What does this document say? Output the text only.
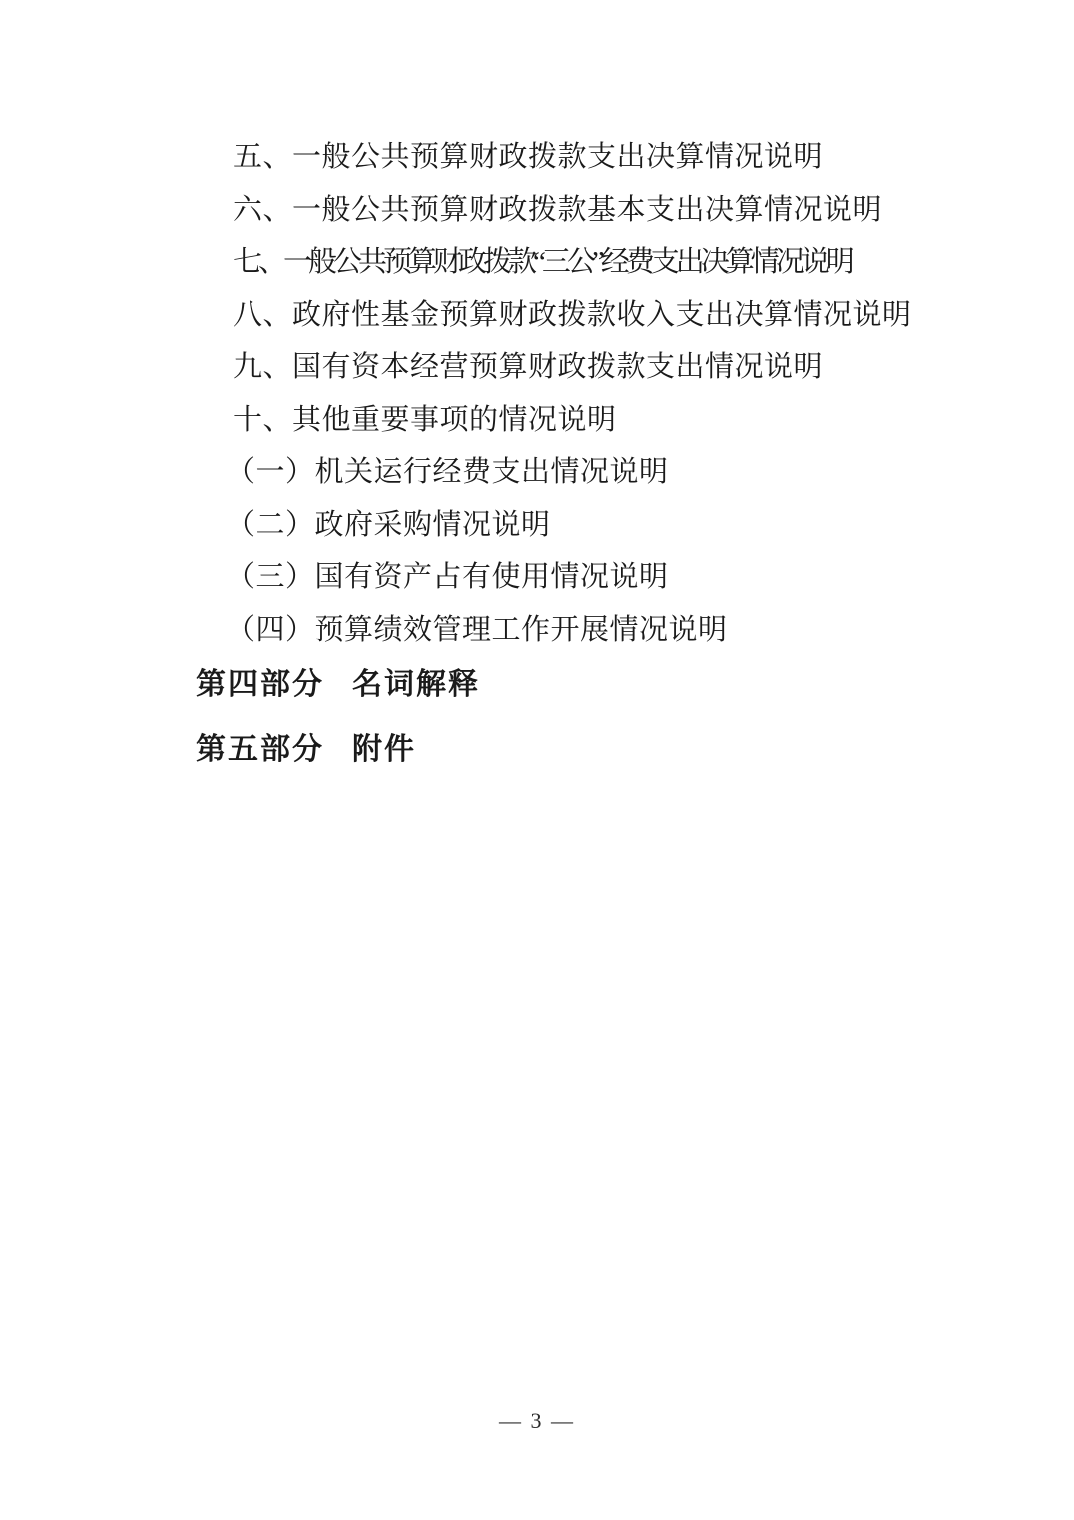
五、一般公共预算财政拨款支出决算情况说明
六、一般公共预算财政拨款基本支出决算情况说明
七、一般公共预算财政拨款“三公”经费支出决算情况说明
八、政府性基金预算财政拨款收入支出决算情况说明
九、国有资本经营预算财政拨款支出情况说明
十、其他重要事项的情况说明
（一）机关运行经费支出情况说明
（二）政府采购情况说明
（三）国有资产占有使用情况说明
（四）预算绩效管理工作开展情况说明
第四部分 名词解释
第五部分 附件
— 3 —
